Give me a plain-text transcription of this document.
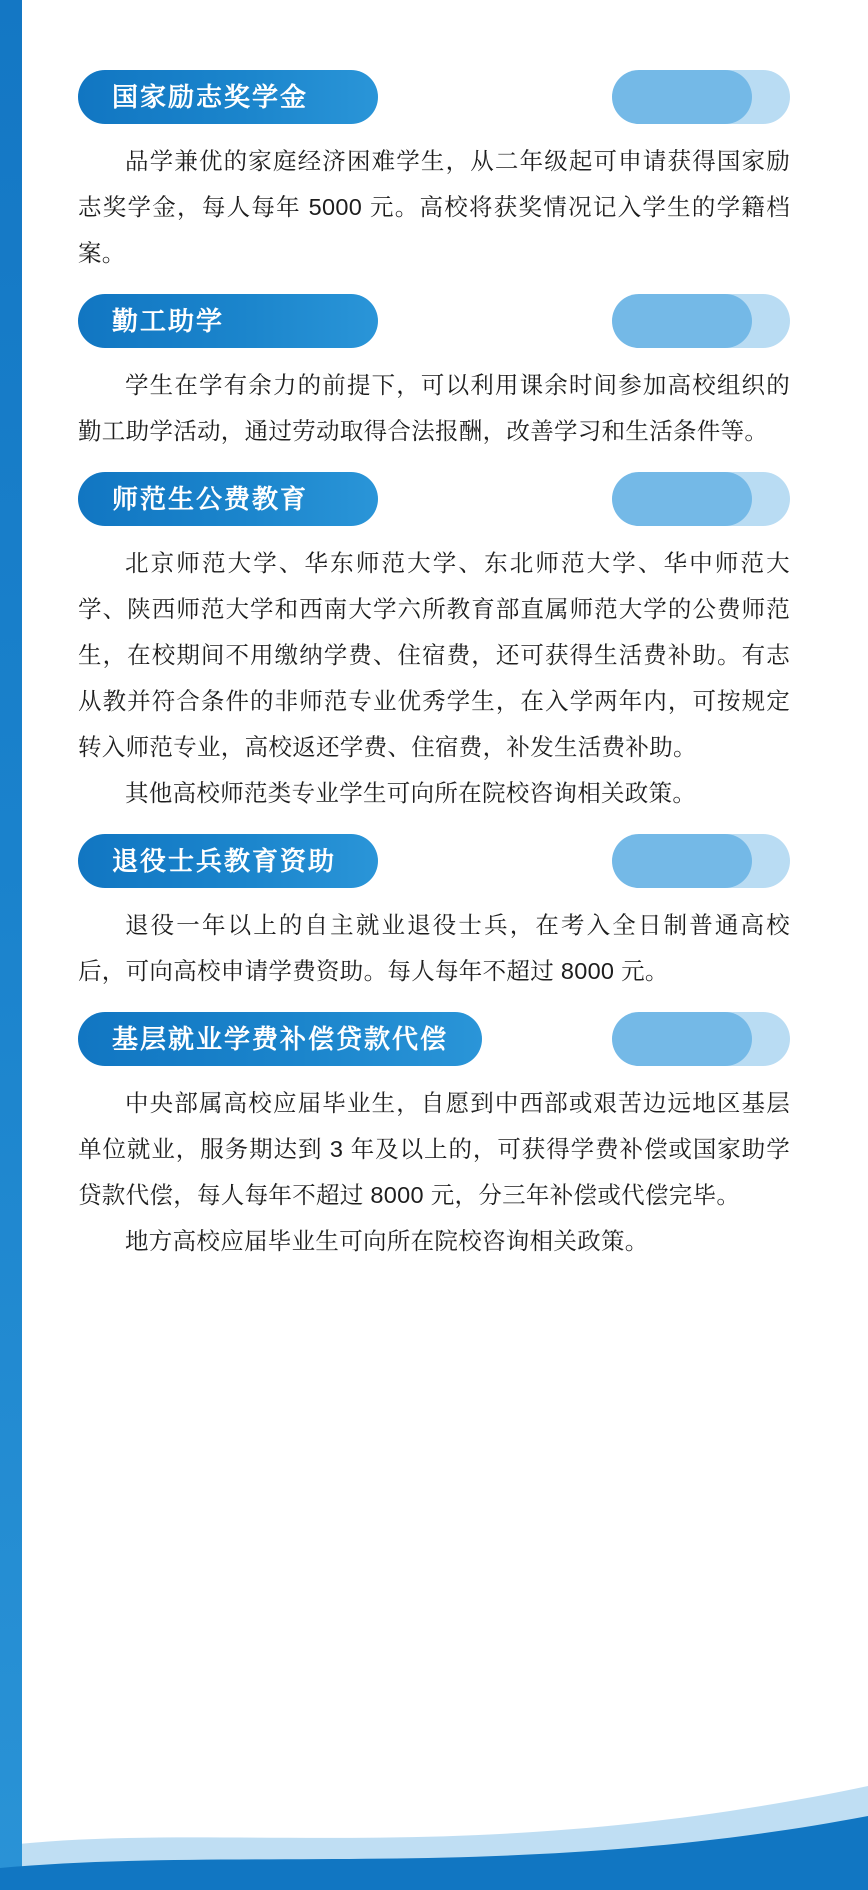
国家励志奖学金

品学兼优的家庭经济困难学生，从二年级起可申请获得国家励志奖学金，每人每年 5000 元。高校将获奖情况记入学生的学籍档案。

勤工助学

学生在学有余力的前提下，可以利用课余时间参加高校组织的勤工助学活动，通过劳动取得合法报酬，改善学习和生活条件等。

师范生公费教育

北京师范大学、华东师范大学、东北师范大学、华中师范大学、陕西师范大学和西南大学六所教育部直属师范大学的公费师范生，在校期间不用缴纳学费、住宿费，还可获得生活费补助。有志从教并符合条件的非师范专业优秀学生，在入学两年内，可按规定转入师范专业，高校返还学费、住宿费，补发生活费补助。

其他高校师范类专业学生可向所在院校咨询相关政策。

退役士兵教育资助

退役一年以上的自主就业退役士兵，在考入全日制普通高校后，可向高校申请学费资助。每人每年不超过 8000 元。

基层就业学费补偿贷款代偿

中央部属高校应届毕业生，自愿到中西部或艰苦边远地区基层单位就业，服务期达到 3 年及以上的，可获得学费补偿或国家助学贷款代偿，每人每年不超过 8000 元，分三年补偿或代偿完毕。

地方高校应届毕业生可向所在院校咨询相关政策。
